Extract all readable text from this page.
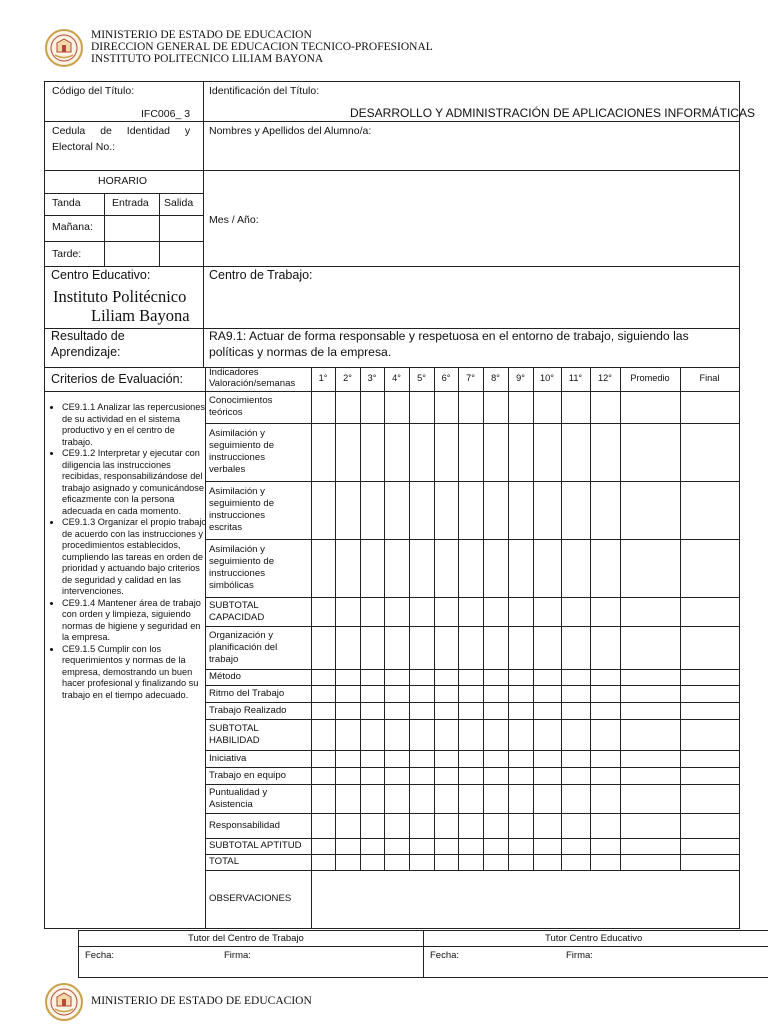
MINISTERIO DE ESTADO DE EDUCACION
DIRECCION GENERAL DE EDUCACION TECNICO-PROFESIONAL
INSTITUTO POLITECNICO LILIAM BAYONA
Código del Título:
IFC006_ 3
Identificación del Título:
DESARROLLO Y ADMINISTRACIÓN DE APLICACIONES INFORMÁTICAS
Cedula de Identidad y
Electoral No.:
Nombres y Apellidos del Alumno/a:
HORARIO
Tanda	Entrada Salida
Mañana:
Tarde:
Mes / Año:
Centro Educativo:
Instituto Politécnico
Liliam Bayona
Centro de Trabajo:
Resultado de
Aprendizaje:
RA9.1: Actuar de forma responsable y respetuosa en el entorno de trabajo, siguiendo las
políticas y normas de la empresa.
Criterios de Evaluación:
• CE9.1.1 Analizar las repercusiones de su actividad en el sistema productivo y en el centro de trabajo.
• CE9.1.2 Interpretar y ejecutar con diligencia las instrucciones recibidas, responsabilizándose del trabajo asignado y comunicándose eficazmente con la persona adecuada en cada momento.
• CE9.1.3 Organizar el propio trabajo de acuerdo con las instrucciones y procedimientos establecidos, cumpliendo las tareas en orden de prioridad y actuando bajo criterios de seguridad y calidad en las intervenciones.
• CE9.1.4 Mantener área de trabajo con orden y limpieza, siguiendo normas de higiene y seguridad en la empresa.
• CE9.1.5 Cumplir con los requerimientos y normas de la empresa, demostrando un buen hacer profesional y finalizando su trabajo en el tiempo adecuado.
Indicadores
Valoración/semanas	1°	2°	3°	4°	5°	6°	7°	8°	9°	10°	11°	12°	Promedio	Final
Conocimientos
teóricos
Asimilación y
seguimiento de
instrucciones
verbales
Asimilación y
seguimiento de
instrucciones
escritas
Asimilación y
seguimiento de
instrucciones
simbólicas
SUBTOTAL
CAPACIDAD
Organización y
planificación del
trabajo
Método
Ritmo del Trabajo
Trabajo Realizado
SUBTOTAL
HABILIDAD
Iniciativa
Trabajo en equipo
Puntualidad y
Asistencia
Responsabilidad
SUBTOTAL APTITUD
TOTAL
OBSERVACIONES
Tutor del Centro de Trabajo	Tutor Centro Educativo
Fecha:	Firma:	Fecha:	Firma:
MINISTERIO DE ESTADO DE EDUCACION
